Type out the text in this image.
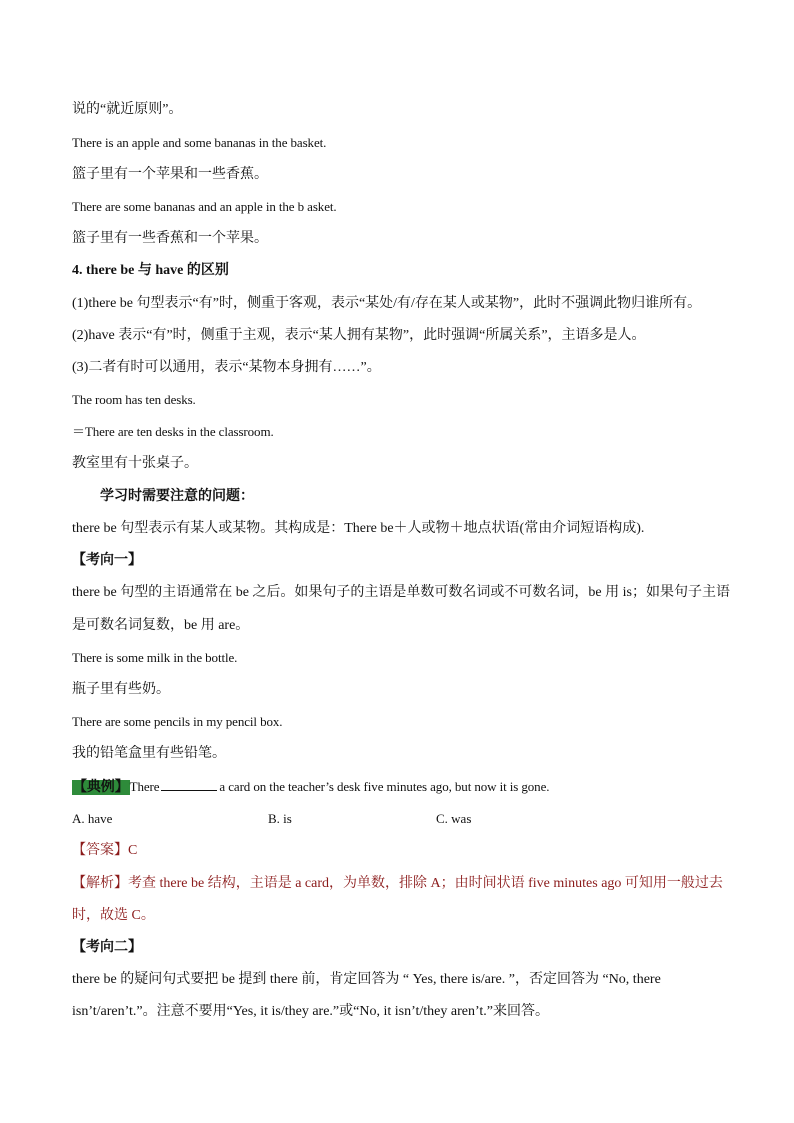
说的“就近原则”。
There is an apple and some bananas in the basket.
篮子里有一个苹果和一些香蕉。
There are some bananas and an apple in the b asket.
篮子里有一些香蕉和一个苹果。
4. there be 与 have 的区别
(1)there be 句型表示“有”时，侧重于客观，表示“某处/有/存在某人或某物”，此时不强调此物归谁所有。
(2)have 表示“有”时，侧重于主观，表示“某人拥有某物”，此时强调“所属关系”，主语多是人。
(3)二者有时可以通用，表示“某物本身拥有……”。
The room has ten desks.
＝There are ten desks in the classroom.
教室里有十张桌子。
学习时需要注意的问题：
there be 句型表示有某人或某物。其构成是：There be＋人或物＋地点状语(常由介词短语构成).
【考向一】
there be 句型的主语通常在 be 之后。如果句子的主语是单数可数名词或不可数名词，be 用 is；如果句子主语
是可数名词复数，be 用 are。
There is some milk in the bottle.
瓶子里有些奶。
There are some pencils in my pencil box.
我的铅笔盒里有些铅笔。
【典例】There	a card on the teacher’s desk five minutes ago, but now it is gone.
A. have	B. is	C. was
【答案】C
【解析】考查 there be 结构，主语是 a card，为单数，排除 A；由时间状语 five minutes ago 可知用一般过去
时，故选 C。
【考向二】
there be 的疑问句式要把 be 提到 there 前，肯定回答为 “ Yes, there is/are. ”，否定回答为 “No, there
isn’t/aren’t.”。注意不要用“Yes, it is/they are.”或“No, it isn’t/they aren’t.”来回答。
